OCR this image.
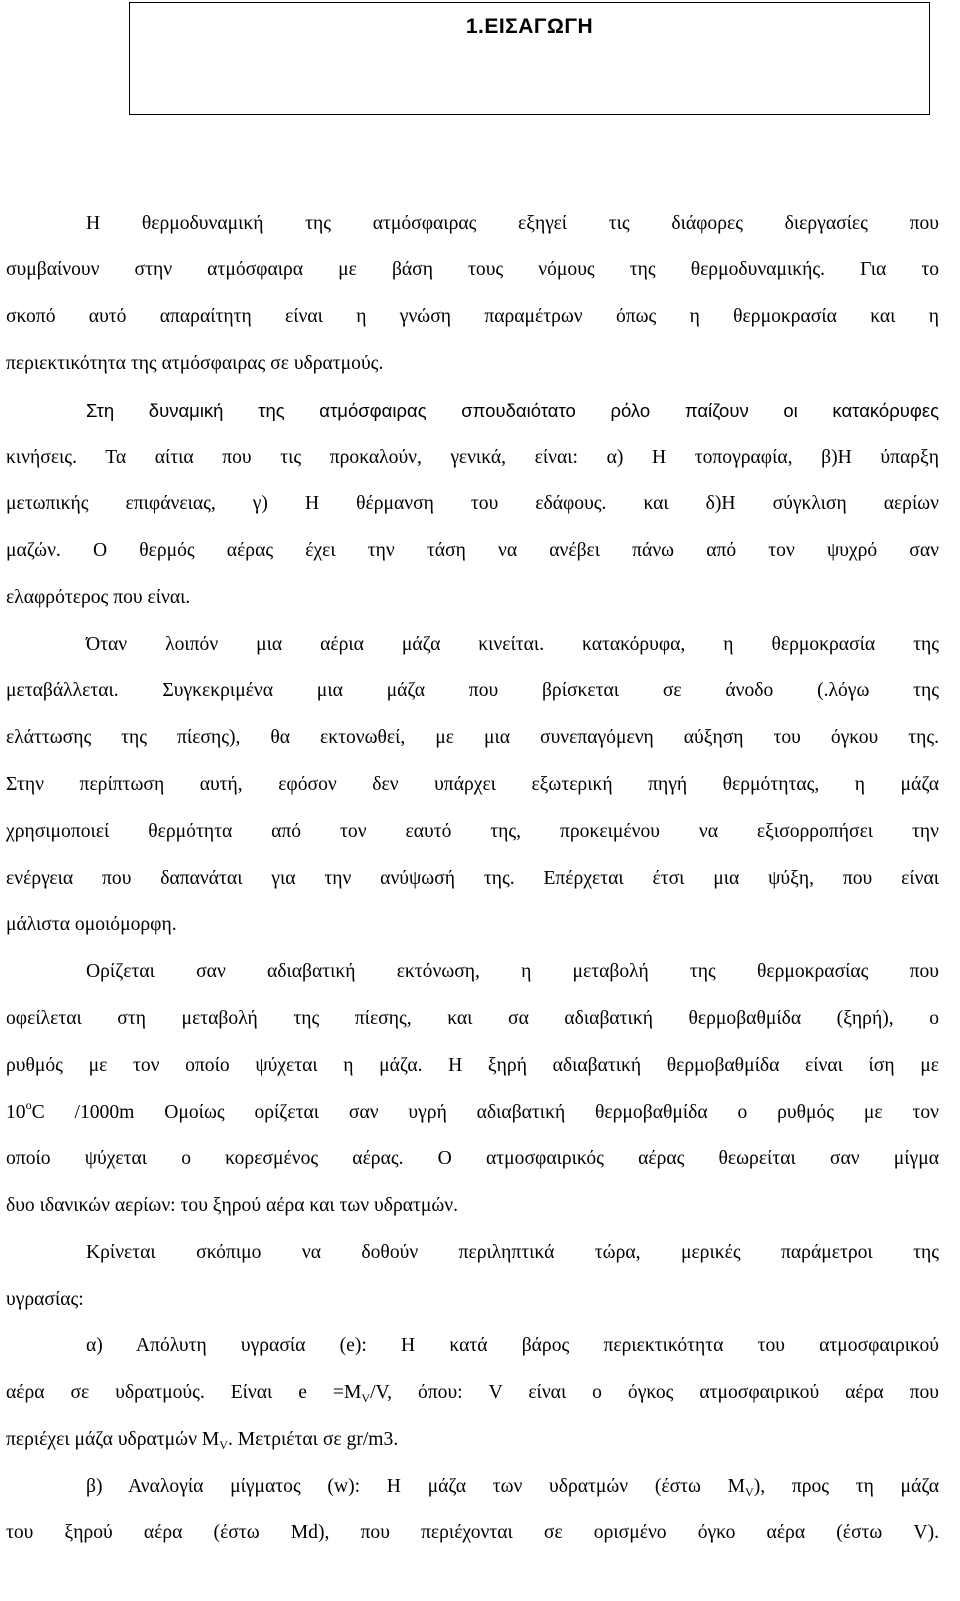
1.ΕΙΣΑΓΩΓΗ
Η θερμοδυναμική της ατμόσφαιρας εξηγεί τις διάφορες διεργασίες που
συμβαίνουν στην ατμόσφαιρα με βάση τους νόμους της θερμοδυναμικής. Για το
σκοπό αυτό απαραίτητη είναι η γνώση παραμέτρων όπως η θερμοκρασία και η
περιεκτικότητα της ατμόσφαιρας σε υδρατμούς.
Στη δυναμική της ατμόσφαιρας σπουδαιότατο ρόλο παίζουν οι κατακόρυφες
κινήσεις. Τα αίτια που τις προκαλούν, γενικά, είναι: α) Η τοπογραφία, β)Η ύπαρξη
μετωπικής επιφάνειας, γ) Η θέρμανση του εδάφους. και δ)Η σύγκλιση αερίων
μαζών. Ο θερμός αέρας έχει την τάση να ανέβει πάνω από τον ψυχρό σαν
ελαφρότερος που είναι.
Όταν λοιπόν μια αέρια μάζα κινείται. κατακόρυφα, η θερμοκρασία της
μεταβάλλεται. Συγκεκριμένα μια μάζα που βρίσκεται σε άνοδο (.λόγω της
ελάττωσης της πίεσης), θα εκτονωθεί, με μια συνεπαγόμενη αύξηση του όγκου της.
Στην περίπτωση αυτή, εφόσον δεν υπάρχει εξωτερική πηγή θερμότητας, η μάζα
χρησιμοποιεί θερμότητα από τον εαυτό της, προκειμένου να εξισορροπήσει την
ενέργεια που δαπανάται για την ανύψωσή της. Επέρχεται έτσι μια ψύξη, που είναι
μάλιστα ομοιόμορφη.
Ορίζεται σαν αδιαβατική εκτόνωση, η μεταβολή της θερμοκρασίας που
οφείλεται στη μεταβολή της πίεσης, και σα αδιαβατική θερμοβαθμίδα (ξηρή), ο
ρυθμός με τον οποίο ψύχεται η μάζα. Η ξηρή αδιαβατική θερμοβαθμίδα είναι ίση με
10$^o$C /1000m Ομοίως ορίζεται σαν υγρή αδιαβατική θερμοβαθμίδα ο ρυθμός με τον
οποίο ψύχεται ο κορεσμένος αέρας. Ο ατμοσφαιρικός αέρας θεωρείται σαν μίγμα
δυο ιδανικών αερίων: του ξηρού αέρα και των υδρατμών.
Κρίνεται σκόπιμο να δοθούν περιληπτικά τώρα, μερικές παράμετροι της
υγρασίας:
α) Απόλυτη υγρασία (e): Η κατά βάρος περιεκτικότητα του ατμοσφαιρικού
αέρα σε υδρατμούς. Είναι $e =M_V/V$, όπου: V είναι ο όγκος ατμοσφαιρικού αέρα που
περιέχει μάζα υδρατμών $M_V$. Μετριέται σε gr/m3.
β) Αναλογία μίγματος (w): Η μάζα των υδρατμών (έστω $M_V$), προς τη μάζα
του ξηρού αέρα (έστω Md), που περιέχονται σε ορισμένο όγκο αέρα (έστω V).
